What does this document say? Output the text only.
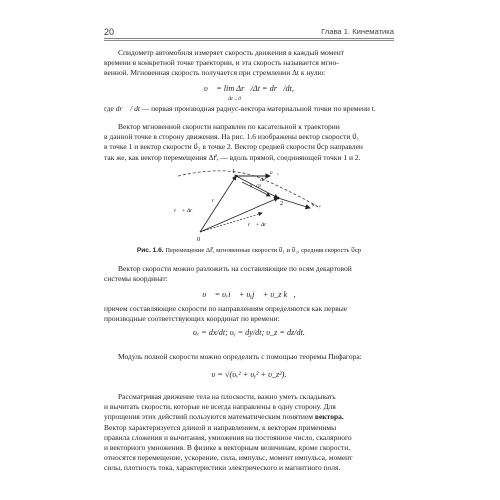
20	Глава 1. Кинематика
Спидометр автомобиля измеряет скорость движения в каждый момент
времени в конкретной точке траектории, и эта скорость называется мгно-
венной. Мгновенная скорость получается при стремлении Δt к нулю:
υ⃗ = lim Δr⃗/Δt = dr⃗/dt,
Δt→0
где dr⃗ / dt — первая производная радиус-вектора материальной точки по времени t.
Вектор мгновенной скорости направлен по касательной к траектории
в данной точке в сторону движения. На рис. 1.6 изображены вектор скорости υ⃗₁
в точке 1 и вектор скорости υ⃗₂ в точке 2. Вектор средней скорости υ⃗ср направлен
так же, как вектор перемещения Δr⃗, — вдоль прямой, соединяющей точки 1 и 2.
1
2
0
υ⃗₁
υ⃗₂
υ⃗ср
Δr⃗
r⃗
r⃗ + Δr⃗
r⃗ + Δr⃗
Рис. 1.6. Перемещение Δr⃗, мгновенные скорости υ⃗₁ и υ⃗₂, средняя скорость υ⃗ср
Вектор скорости можно разложить на составляющие по осям декартовой
системы координат:
υ⃗ = υₓi⃗ + υᵧj⃗ + υ_z k⃗,
причем составляющие скорости по направлениям определяются как первые
производные соответствующих координат по времени:
υₓ = dx/dt; υᵧ = dy/dt; υ_z = dz/dt.
Модуль полной скорости можно определить с помощью теоремы Пифагора:
υ = √(υₓ² + υᵧ² + υ_z²).
Рассматривая движение тела на плоскости, важно уметь складывать
и вычитать скорости, которые не всегда направлены в одну сторону. Для
упрощения этих действий пользуются математическим понятием вектора.
Вектор характеризуется длиной и направлением, к векторам применимы
правила сложения и вычитания, умножения на постоянное число, скалярного
и векторного умножения. В физике к векторным величинам, кроме скорости,
относятся перемещение, ускорение, сила, импульс, момент импульса, момент
силы, плотность тока, характеристики электрического и магнитного поля.
